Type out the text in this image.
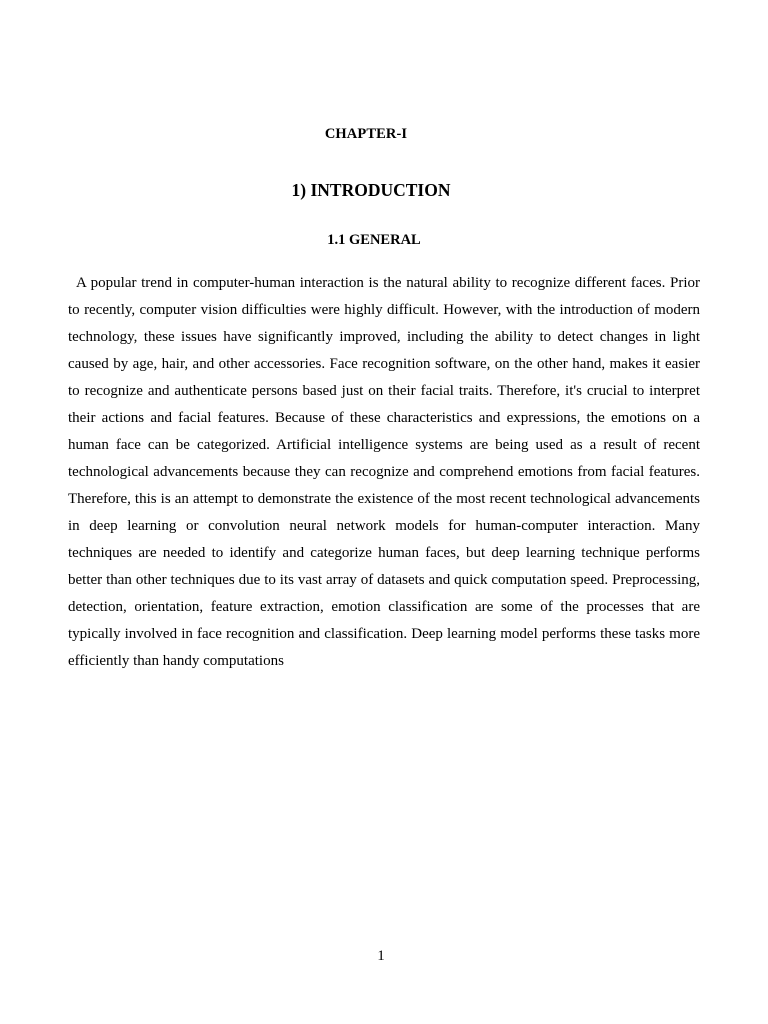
CHAPTER-I
1) INTRODUCTION
1.1 GENERAL

A popular trend in computer-human interaction is the natural ability to recognize different faces. Prior to recently, computer vision difficulties were highly difficult. However, with the introduction of modern technology, these issues have significantly improved, including the ability to detect changes in light caused by age, hair, and other accessories. Face recognition software, on the other hand, makes it easier to recognize and authenticate persons based just on their facial traits. Therefore, it's crucial to interpret their actions and facial features. Because of these characteristics and expressions, the emotions on a human face can be categorized. Artificial intelligence systems are being used as a result of recent technological advancements because they can recognize and comprehend emotions from facial features. Therefore, this is an attempt to demonstrate the existence of the most recent technological advancements in deep learning or convolution neural network models for human-computer interaction. Many techniques are needed to identify and categorize human faces, but deep learning technique performs better than other techniques due to its vast array of datasets and quick computation speed. Preprocessing, detection, orientation, feature extraction, emotion classification are some of the processes that are typically involved in face recognition and classification. Deep learning model performs these tasks more efficiently than handy computations

1
